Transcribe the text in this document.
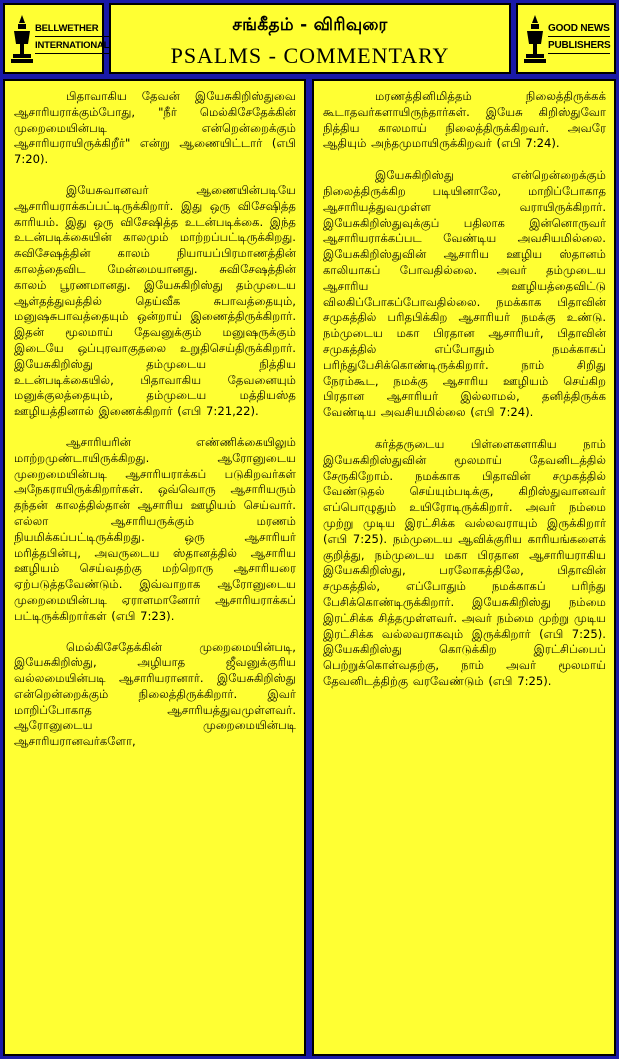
BELLWETHER
INTERNATIONAL
சங்கீதம் - விரிவுரை
PSALMS - COMMENTARY
GOOD NEWS
PUBLISHERS

பிதாவாகிய தேவன் இயேசுகிறிஸ்துவை ஆசாரியராக்கும்போது, "நீர் மெல்கிசேதேக்கின் முறைமையின்படி என்றென்றைக்கும் ஆசாரியராயிருக்கிறீர்" என்று ஆணையிட்டார் (எபி 7:20).

இயேசுவானவர் ஆணையின்படியே ஆசாரியராக்கப்பட்டிருக்கிறார். இது ஒரு விசேஷித்த காரியம். இது ஒரு விசேஷித்த உடன்படிக்கை. இந்த உடன்படிக்கையின் காலமும் மாற்றப்பட்டிருக்கிறது. சுவிசேஷத்தின் காலம் நியாயப்பிரமாணத்தின் காலத்தைவிட மேன்மையானது. சுவிசேஷத்தின் காலம் பூரணமானது. இயேசுகிறிஸ்து தம்முடைய ஆள்தத்துவத்தில் தெய்வீக சுபாவத்தையும், மனுஷசுபாவத்தையும் ஒன்றாய் இணைத்திருக்கிறார். இதன் மூலமாய் தேவனுக்கும் மனுஷருக்கும் இடையே ஒப்புரவாகுதலை உறுதிசெய்திருக்கிறார். இயேசுகிறிஸ்து தம்முடைய நித்திய உடன்படிக்கையில், பிதாவாகிய தேவனையும் மனுக்குலத்தையும், தம்முடைய மத்தியஸ்த ஊழியத்தினால் இணைக்கிறார் (எபி 7:21,22).

ஆசாரியரின் எண்ணிக்கையிலும் மாற்றமுண்டாயிருக்கிறது. ஆரோனுடைய முறைமையின்படி ஆசாரியராக்கப் படுகிறவர்கள் அநேகராயிருக்கிறார்கள். ஒவ்வொரு ஆசாரியரும் தந்தன் காலத்தில்தான் ஆசாரிய ஊழியம் செய்வார். எல்லா ஆசாரியருக்கும் மரணம் நியமிக்கப்பட்டிருக்கிறது. ஒரு ஆசாரியர் மரித்தபின்பு, அவருடைய ஸ்தானத்தில் ஆசாரிய ஊழியம் செய்வதற்கு மற்றொரு ஆசாரியரை ஏற்படுத்தவேண்டும். இவ்வாறாக ஆரோனுடைய முறைமையின்படி ஏராளமானோர் ஆசாரியராக்கப் பட்டிருக்கிறார்கள் (எபி 7:23).

மெல்கிசேதேக்கின் முறைமையின்படி, இயேசுகிறிஸ்து, அழியாத ஜீவனுக்குரிய வல்லமையின்படி ஆசாரியரானார். இயேசுகிறிஸ்து என்றென்றைக்கும் நிலைத்திருக்கிறார். இவர் மாறிப்போகாத ஆசாரியத்துவமுள்ளவர். ஆரோனுடைய முறைமையின்படி ஆசாரியரானவர்களோ,

மரணத்தினிமித்தம் நிலைத்திருக்கக் கூடாதவர்களாயிருந்தார்கள். இயேசு கிறிஸ்துவோ நித்திய காலமாய் நிலைத்திருக்கிறவர். அவரே ஆதியும் அந்தமுமாயிருக்கிறவர் (எபி 7:24).

இயேசுகிறிஸ்து என்றென்றைக்கும் நிலைத்திருக்கிற படியினாலே, மாறிப்போகாத ஆசாரியத்துவமுள்ள வராயிருக்கிறார். இயேசுகிறிஸ்துவுக்குப் பதிலாக இன்னொருவர் ஆசாரியராக்கப்பட வேண்டிய அவசியமில்லை. இயேசுகிறிஸ்துவின் ஆசாரிய ஊழிய ஸ்தானம் காலியாகப் போவதில்லை. அவர் தம்முடைய ஆசாரிய ஊழியத்தைவிட்டு விலகிப்போகப்போவதில்லை. நமக்காக பிதாவின் சமுகத்தில் பரிதபிக்கிற ஆசாரியர் நமக்கு உண்டு. நம்முடைய மகா பிரதான ஆசாரியர், பிதாவின் சமுகத்தில் எப்போதும் நமக்காகப் பரிந்துபேசிக்கொண்டிருக்கிறார். நாம் சிறிது நேரம்கூட, நமக்கு ஆசாரிய ஊழியம் செய்கிற பிரதான ஆசாரியர் இல்லாமல், தனித்திருக்க வேண்டிய அவசியமில்லை (எபி 7:24).

கர்த்தருடைய பிள்ளைகளாகிய நாம் இயேசுகிறிஸ்துவின் மூலமாய் தேவனிடத்தில் சேருகிறோம். நமக்காக பிதாவின் சமுகத்தில் வேண்டுதல் செய்யும்படிக்கு, கிறிஸ்துவானவர் எப்பொழுதும் உயிரோடிருக்கிறார். அவர் நம்மை முற்று முடிய இரட்சிக்க வல்லவராயும் இருக்கிறார் (எபி 7:25). நம்முடைய ஆவிக்குரிய காரியங்களைக் குறித்து, நம்முடைய மகா பிரதான ஆசாரியராகிய இயேசுகிறிஸ்து, பரலோகத்திலே, பிதாவின் சமுகத்தில், எப்போதும் நமக்காகப் பரிந்து பேசிக்கொண்டிருக்கிறார். இயேசுகிறிஸ்து நம்மை இரட்சிக்க சித்தமுள்ளவர். அவர் நம்மை முற்று முடிய இரட்சிக்க வல்லவராகவும் இருக்கிறார் (எபி 7:25). இயேசுகிறிஸ்து கொடுக்கிற இரட்சிப்பைப் பெற்றுக்கொள்வதற்கு, நாம் அவர் மூலமாய் தேவனிடத்திற்கு வரவேண்டும் (எபி 7:25).
